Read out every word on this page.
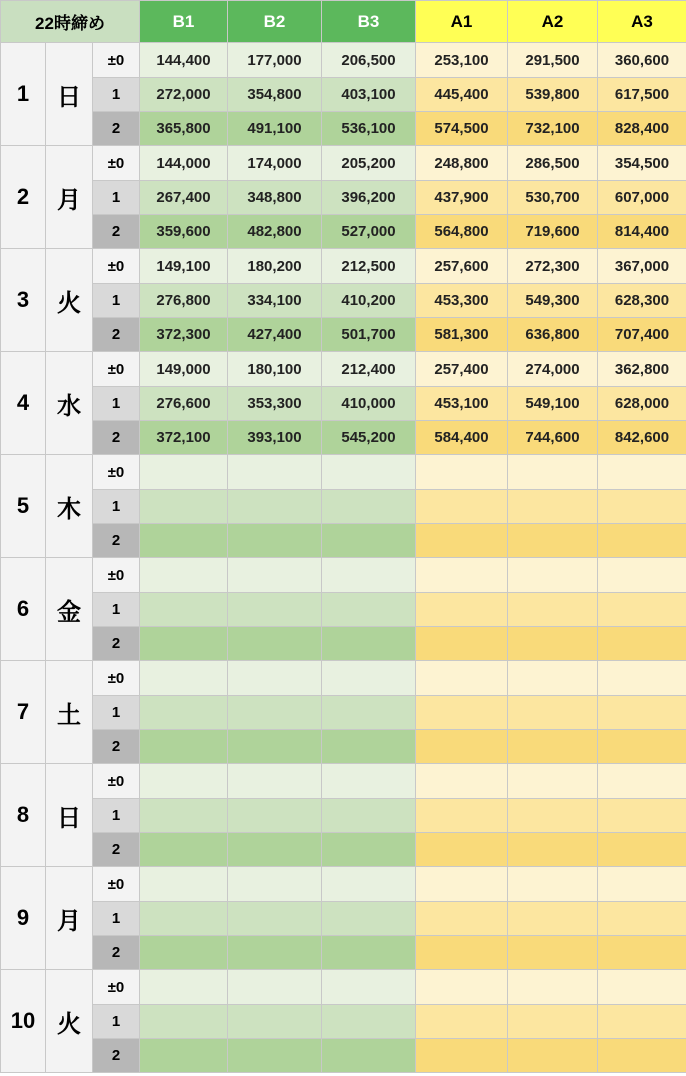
22時締め			B1	B2	B3	A1	A2	A3
1	日	±0	144,400	177,000	206,500	253,100	291,500	360,600
		1	272,000	354,800	403,100	445,400	539,800	617,500
		2	365,800	491,100	536,100	574,500	732,100	828,400
2	月	±0	144,000	174,000	205,200	248,800	286,500	354,500
		1	267,400	348,800	396,200	437,900	530,700	607,000
		2	359,600	482,800	527,000	564,800	719,600	814,400
3	火	±0	149,100	180,200	212,500	257,600	272,300	367,000
		1	276,800	334,100	410,200	453,300	549,300	628,300
		2	372,300	427,400	501,700	581,300	636,800	707,400
4	水	±0	149,000	180,100	212,400	257,400	274,000	362,800
		1	276,600	353,300	410,000	453,100	549,100	628,000
		2	372,100	393,100	545,200	584,400	744,600	842,600
5	木	±0						
		1						
		2						
6	金	±0						
		1						
		2						
7	土	±0						
		1						
		2						
8	日	±0						
		1						
		2						
9	月	±0						
		1						
		2						
10	火	±0						
		1						
		2						
